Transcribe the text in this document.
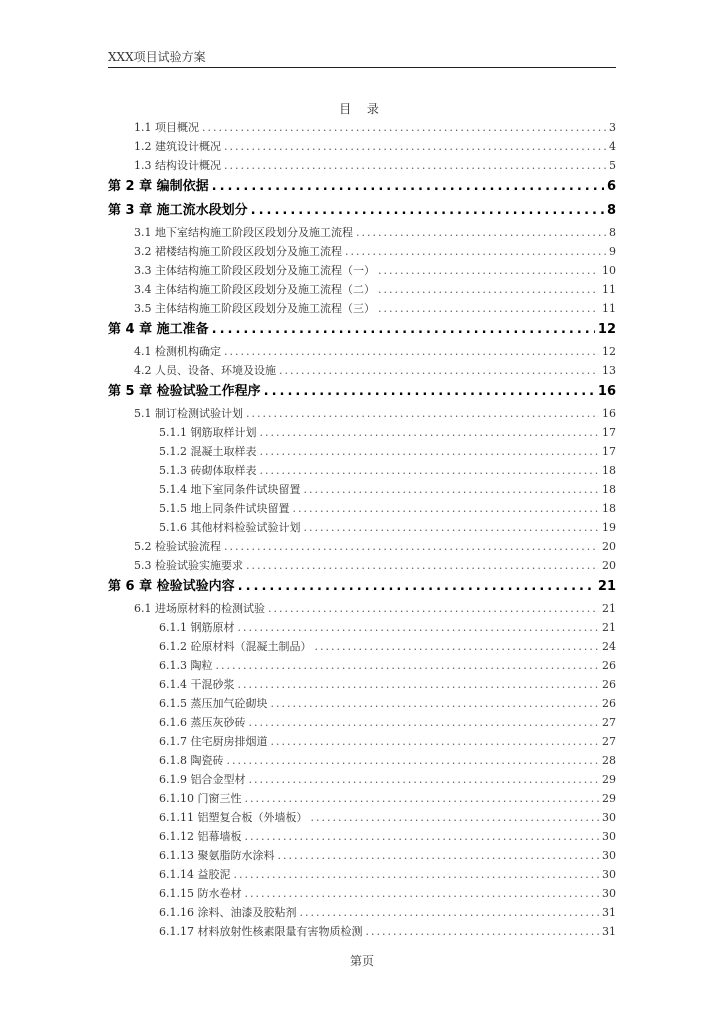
XXX项目试验方案
目 录
1.1 项目概况 .....	3
1.2 建筑设计概况 .....	4
1.3 结构设计概况 .....	5
第 2 章 编制依据 .....	6
第 3 章 施工流水段划分 .....	8
3.1 地下室结构施工阶段区段划分及施工流程 .....	8
3.2 裙楼结构施工阶段区段划分及施工流程 .....	9
3.3 主体结构施工阶段区段划分及施工流程（一） .....	10
3.4 主体结构施工阶段区段划分及施工流程（二） .....	11
3.5 主体结构施工阶段区段划分及施工流程（三） .....	11
第 4 章 施工准备 .....	12
4.1 检测机构确定 .....	12
4.2 人员、设备、环境及设施 .....	13
第 5 章 检验试验工作程序 .....	16
5.1 制订检测试验计划 .....	16
5.1.1 钢筋取样计划 .....	17
5.1.2 混凝土取样表 .....	17
5.1.3 砖砌体取样表 .....	18
5.1.4 地下室同条件试块留置 .....	18
5.1.5 地上同条件试块留置 .....	18
5.1.6 其他材料检验试验计划 .....	19
5.2 检验试验流程 .....	20
5.3 检验试验实施要求 .....	20
第 6 章 检验试验内容 .....	21
6.1 进场原材料的检测试验 .....	21
6.1.1 钢筋原材 .....	21
6.1.2 砼原材料（混凝土制品） .....	24
6.1.3 陶粒 .....	26
6.1.4 干混砂浆 .....	26
6.1.5 蒸压加气砼砌块 .....	26
6.1.6 蒸压灰砂砖 .....	27
6.1.7 住宅厨房排烟道 .....	27
6.1.8 陶瓷砖 .....	28
6.1.9 铝合金型材 .....	29
6.1.10 门窗三性 .....	29
6.1.11 铝塑复合板（外墙板） .....	30
6.1.12 铝幕墙板 .....	30
6.1.13 聚氨脂防水涂料 .....	30
6.1.14 益胶泥 .....	30
6.1.15 防水卷材 .....	30
6.1.16 涂料、油漆及胶粘剂 .....	31
6.1.17 材料放射性核素限量有害物质检测 .....	31
第页
